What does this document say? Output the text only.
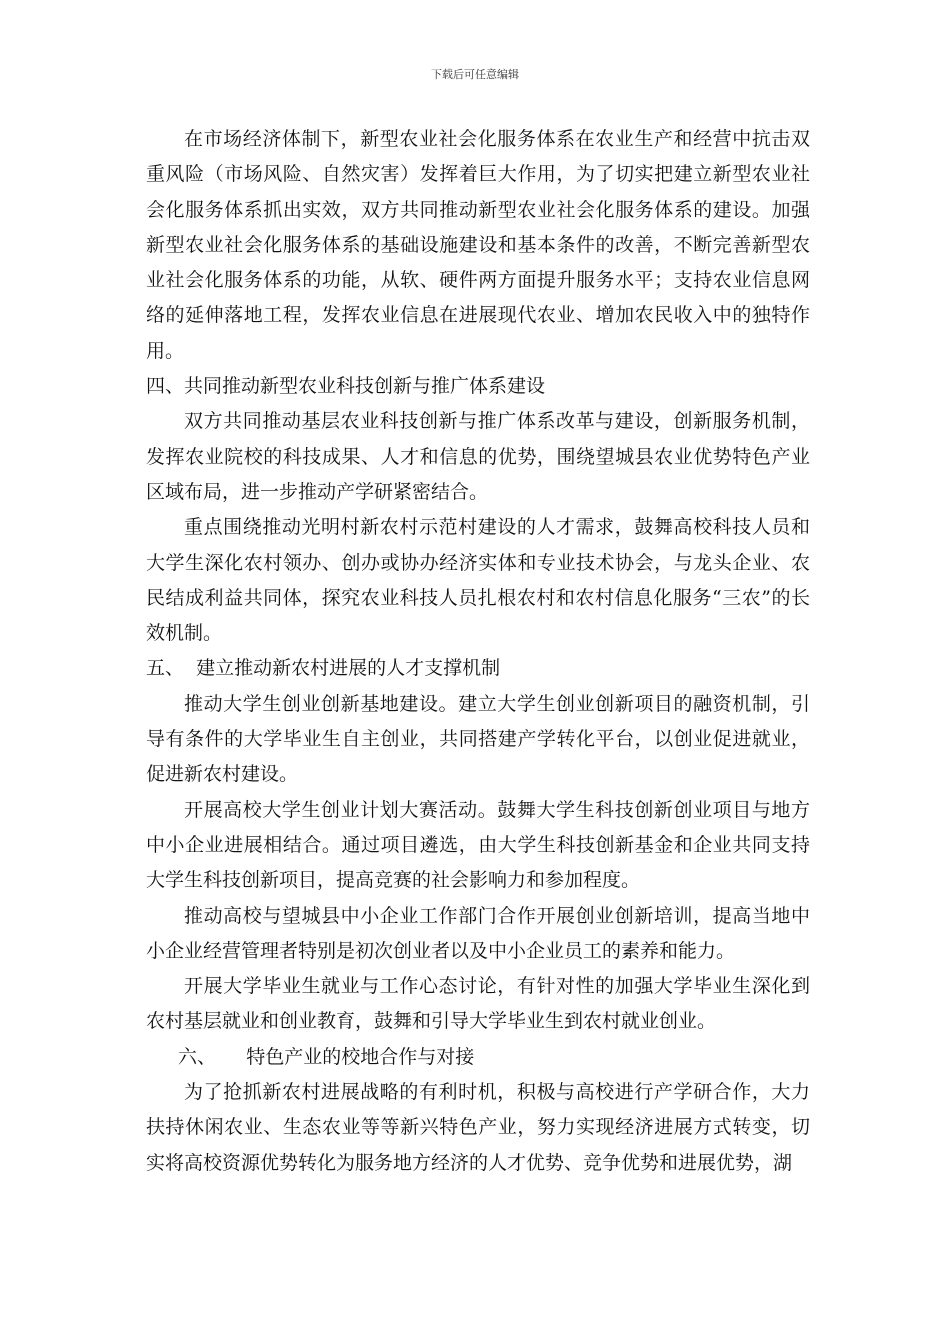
下载后可任意编辑

在市场经济体制下，新型农业社会化服务体系在农业生产和经营中抗击双重风险（市场风险、自然灾害）发挥着巨大作用，为了切实把建立新型农业社会化服务体系抓出实效，双方共同推动新型农业社会化服务体系的建设。加强新型农业社会化服务体系的基础设施建设和基本条件的改善，不断完善新型农业社会化服务体系的功能，从软、硬件两方面提升服务水平；支持农业信息网络的延伸落地工程，发挥农业信息在进展现代农业、增加农民收入中的独特作用。

四、共同推动新型农业科技创新与推广体系建设

双方共同推动基层农业科技创新与推广体系改革与建设，创新服务机制，发挥农业院校的科技成果、人才和信息的优势，围绕望城县农业优势特色产业区域布局，进一步推动产学研紧密结合。

重点围绕推动光明村新农村示范村建设的人才需求，鼓舞高校科技人员和大学生深化农村领办、创办或协办经济实体和专业技术协会，与龙头企业、农民结成利益共同体，探究农业科技人员扎根农村和农村信息化服务“三农”的长效机制。

五、  建立推动新农村进展的人才支撑机制

推动大学生创业创新基地建设。建立大学生创业创新项目的融资机制，引导有条件的大学毕业生自主创业，共同搭建产学转化平台，以创业促进就业，促进新农村建设。

开展高校大学生创业计划大赛活动。鼓舞大学生科技创新创业项目与地方中小企业进展相结合。通过项目遴选，由大学生科技创新基金和企业共同支持大学生科技创新项目，提高竞赛的社会影响力和参加程度。

推动高校与望城县中小企业工作部门合作开展创业创新培训，提高当地中小企业经营管理者特别是初次创业者以及中小企业员工的素养和能力。

开展大学毕业生就业与工作心态讨论，有针对性的加强大学毕业生深化到农村基层就业和创业教育，鼓舞和引导大学毕业生到农村就业创业。

六、     特色产业的校地合作与对接

为了抢抓新农村进展战略的有利时机，积极与高校进行产学研合作，大力扶持休闲农业、生态农业等等新兴特色产业，努力实现经济进展方式转变，切实将高校资源优势转化为服务地方经济的人才优势、竞争优势和进展优势，湖
